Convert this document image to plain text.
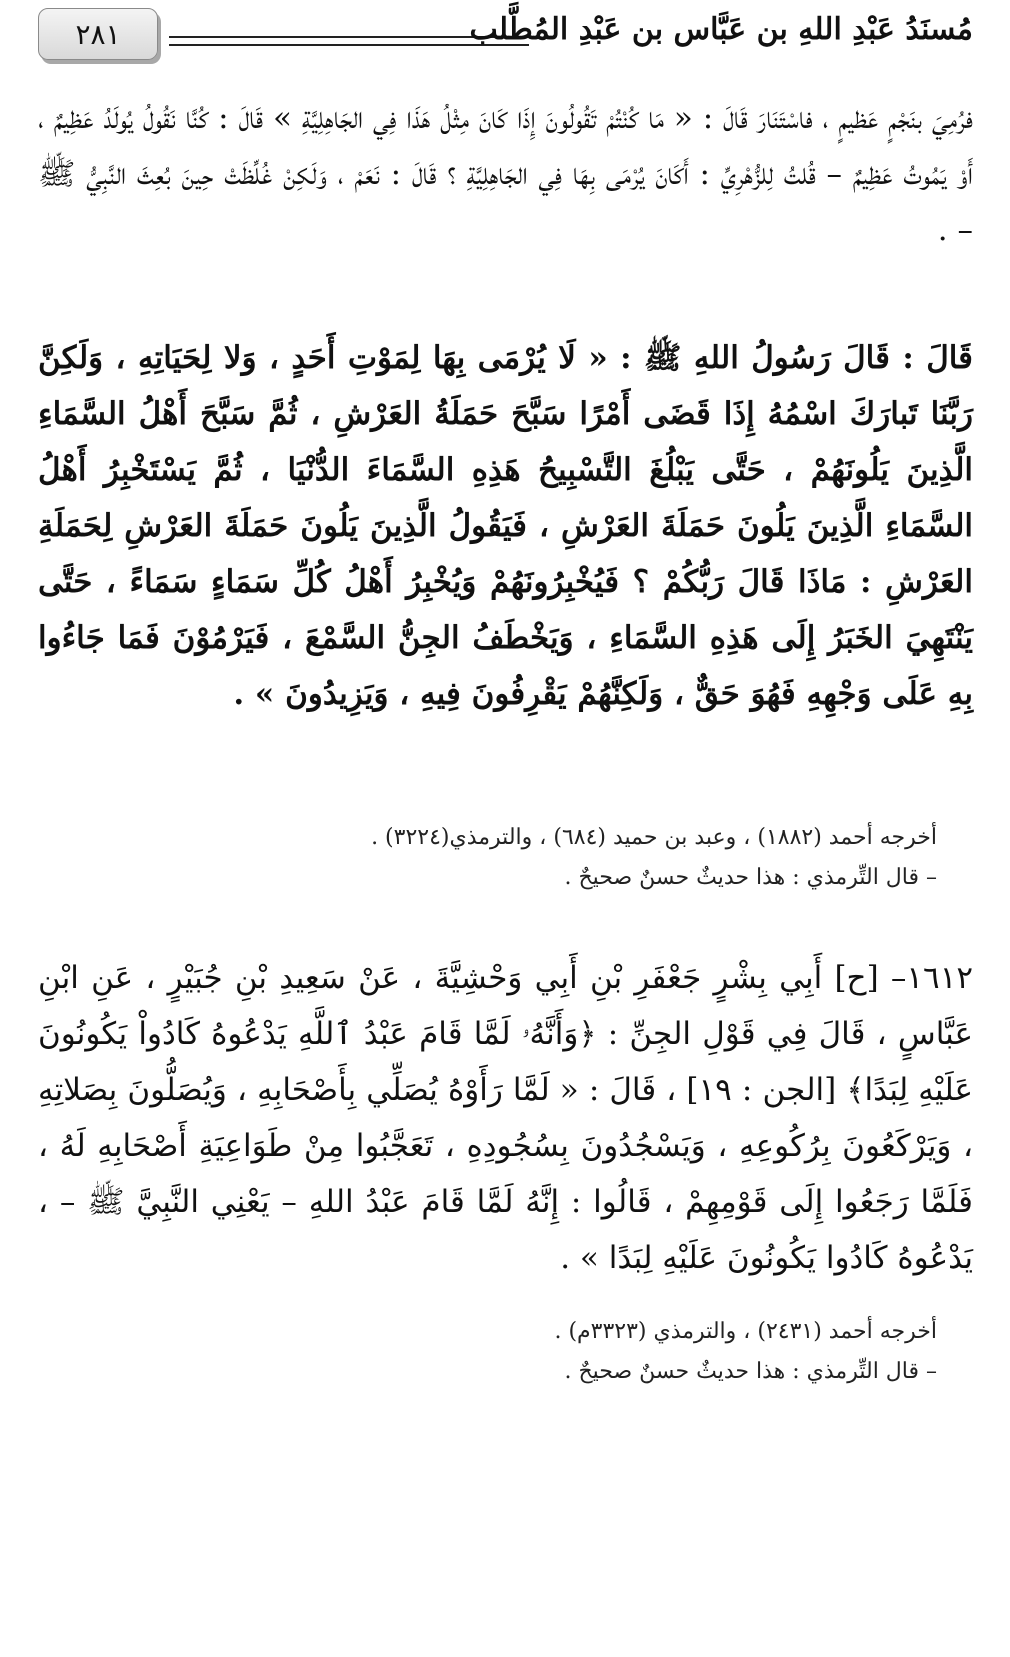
٢٨١	مُسنَدُ عَبْدِ اللهِ بن عَبَّاس بن عَبْدِ المُطَّلب

فرُمِيَ بنَجْمٍ عَظيمٍ ، فاسْتَنَارَ قَالَ : « مَا كُنْتُمْ تَقُولُونَ إِذَا كَانَ مِثْلُ هَذَا فِي الجَاهِلِيَّةِ » قَالَ : كُنَّا نَقُولُ يُولَدُ عَظِيمٌ ، أَوْ يَمُوتُ عَظِيمٌ – قُلتُ لِلزُّهْرِيِّ : أَكَانَ يُرْمَى بِهَا فِي الجَاهِلِيَّةِ ؟ قَالَ : نَعَمْ ، وَلَكِنْ غُلِّظَتْ حِينَ بُعِثَ النَّبِيُّ ﷺ – .

قَالَ : قَالَ رَسُولُ اللهِ ﷺ : « لَا يُرْمَى بِهَا لِمَوْتِ أَحَدٍ ، وَلا لِحَيَاتِهِ ، وَلَكِنَّ رَبَّنَا تَبارَكَ اسْمُهُ إِذَا قَضَى أَمْرًا سَبَّحَ حَمَلَةُ العَرْشِ ، ثُمَّ سَبَّحَ أَهْلُ السَّمَاءِ الَّذِينَ يَلُونَهُمْ ، حَتَّى يَبْلُغَ التَّسْبِيحُ هَذِهِ السَّمَاءَ الدُّنْيَا ، ثُمَّ يَسْتَخْبِرُ أَهْلُ السَّمَاءِ الَّذِينَ يَلُونَ حَمَلَةَ العَرْشِ ، فَيَقُولُ الَّذِينَ يَلُونَ حَمَلَةَ العَرْشِ لِحَمَلَةِ العَرْشِ : مَاذَا قَالَ رَبُّكُمْ ؟ فَيُخْبِرُونَهُمْ وَيُخْبِرُ أَهْلُ كُلِّ سَمَاءٍ سَمَاءً ، حَتَّى يَنْتَهِيَ الخَبَرُ إِلَى هَذِهِ السَّمَاءِ ، وَيَخْطَفُ الجِنُّ السَّمْعَ ، فَيَرْمُوْنَ فَمَا جَاءُوا بِهِ عَلَى وَجْهِهِ فَهُوَ حَقٌّ ، وَلَكِنَّهُمْ يَقْرِفُونَ فِيهِ ، وَيَزِيدُونَ » .

أخرجه أحمد (١٨٨٢) ، وعبد بن حميد (٦٨٤) ، والترمذي(٣٢٢٤) .

– قال التِّرمذي : هذا حديثٌ حسنٌ صحيحٌ .

١٦١٢– [ح] أَبِي بِشْرٍ جَعْفَرِ بْنِ أَبِي وَحْشِيَّةَ ، عَنْ سَعِيدِ بْنِ جُبَيْرٍ ، عَنِ ابْنِ عَبَّاسٍ ، قَالَ فِي قَوْلِ الجِنِّ : ﴿وَأَنَّهُۥ لَمَّا قَامَ عَبْدُ ٱللَّهِ يَدْعُوهُ كَادُواْ يَكُونُونَ عَلَيْهِ لِبَدًا﴾ [الجن : ١٩] ، قَالَ : « لَمَّا رَأَوْهُ يُصَلِّي بِأَصْحَابِهِ ، وَيُصَلُّونَ بِصَلاتِهِ ، وَيَرْكَعُونَ بِرُكُوعِهِ ، وَيَسْجُدُونَ بِسُجُودِهِ ، تَعَجَّبُوا مِنْ طَوَاعِيَةِ أَصْحَابِهِ لَهُ ، فَلَمَّا رَجَعُوا إِلَى قَوْمِهِمْ ، قَالُوا : إِنَّهُ لَمَّا قَامَ عَبْدُ اللهِ – يَعْنِي النَّبِيَّ ﷺ – ، يَدْعُوهُ كَادُوا يَكُونُونَ عَلَيْهِ لِبَدًا » .

أخرجه أحمد (٢٤٣١) ، والترمذي (٣٣٢٣م) .

– قال التِّرمذي : هذا حديثٌ حسنٌ صحيحٌ .
